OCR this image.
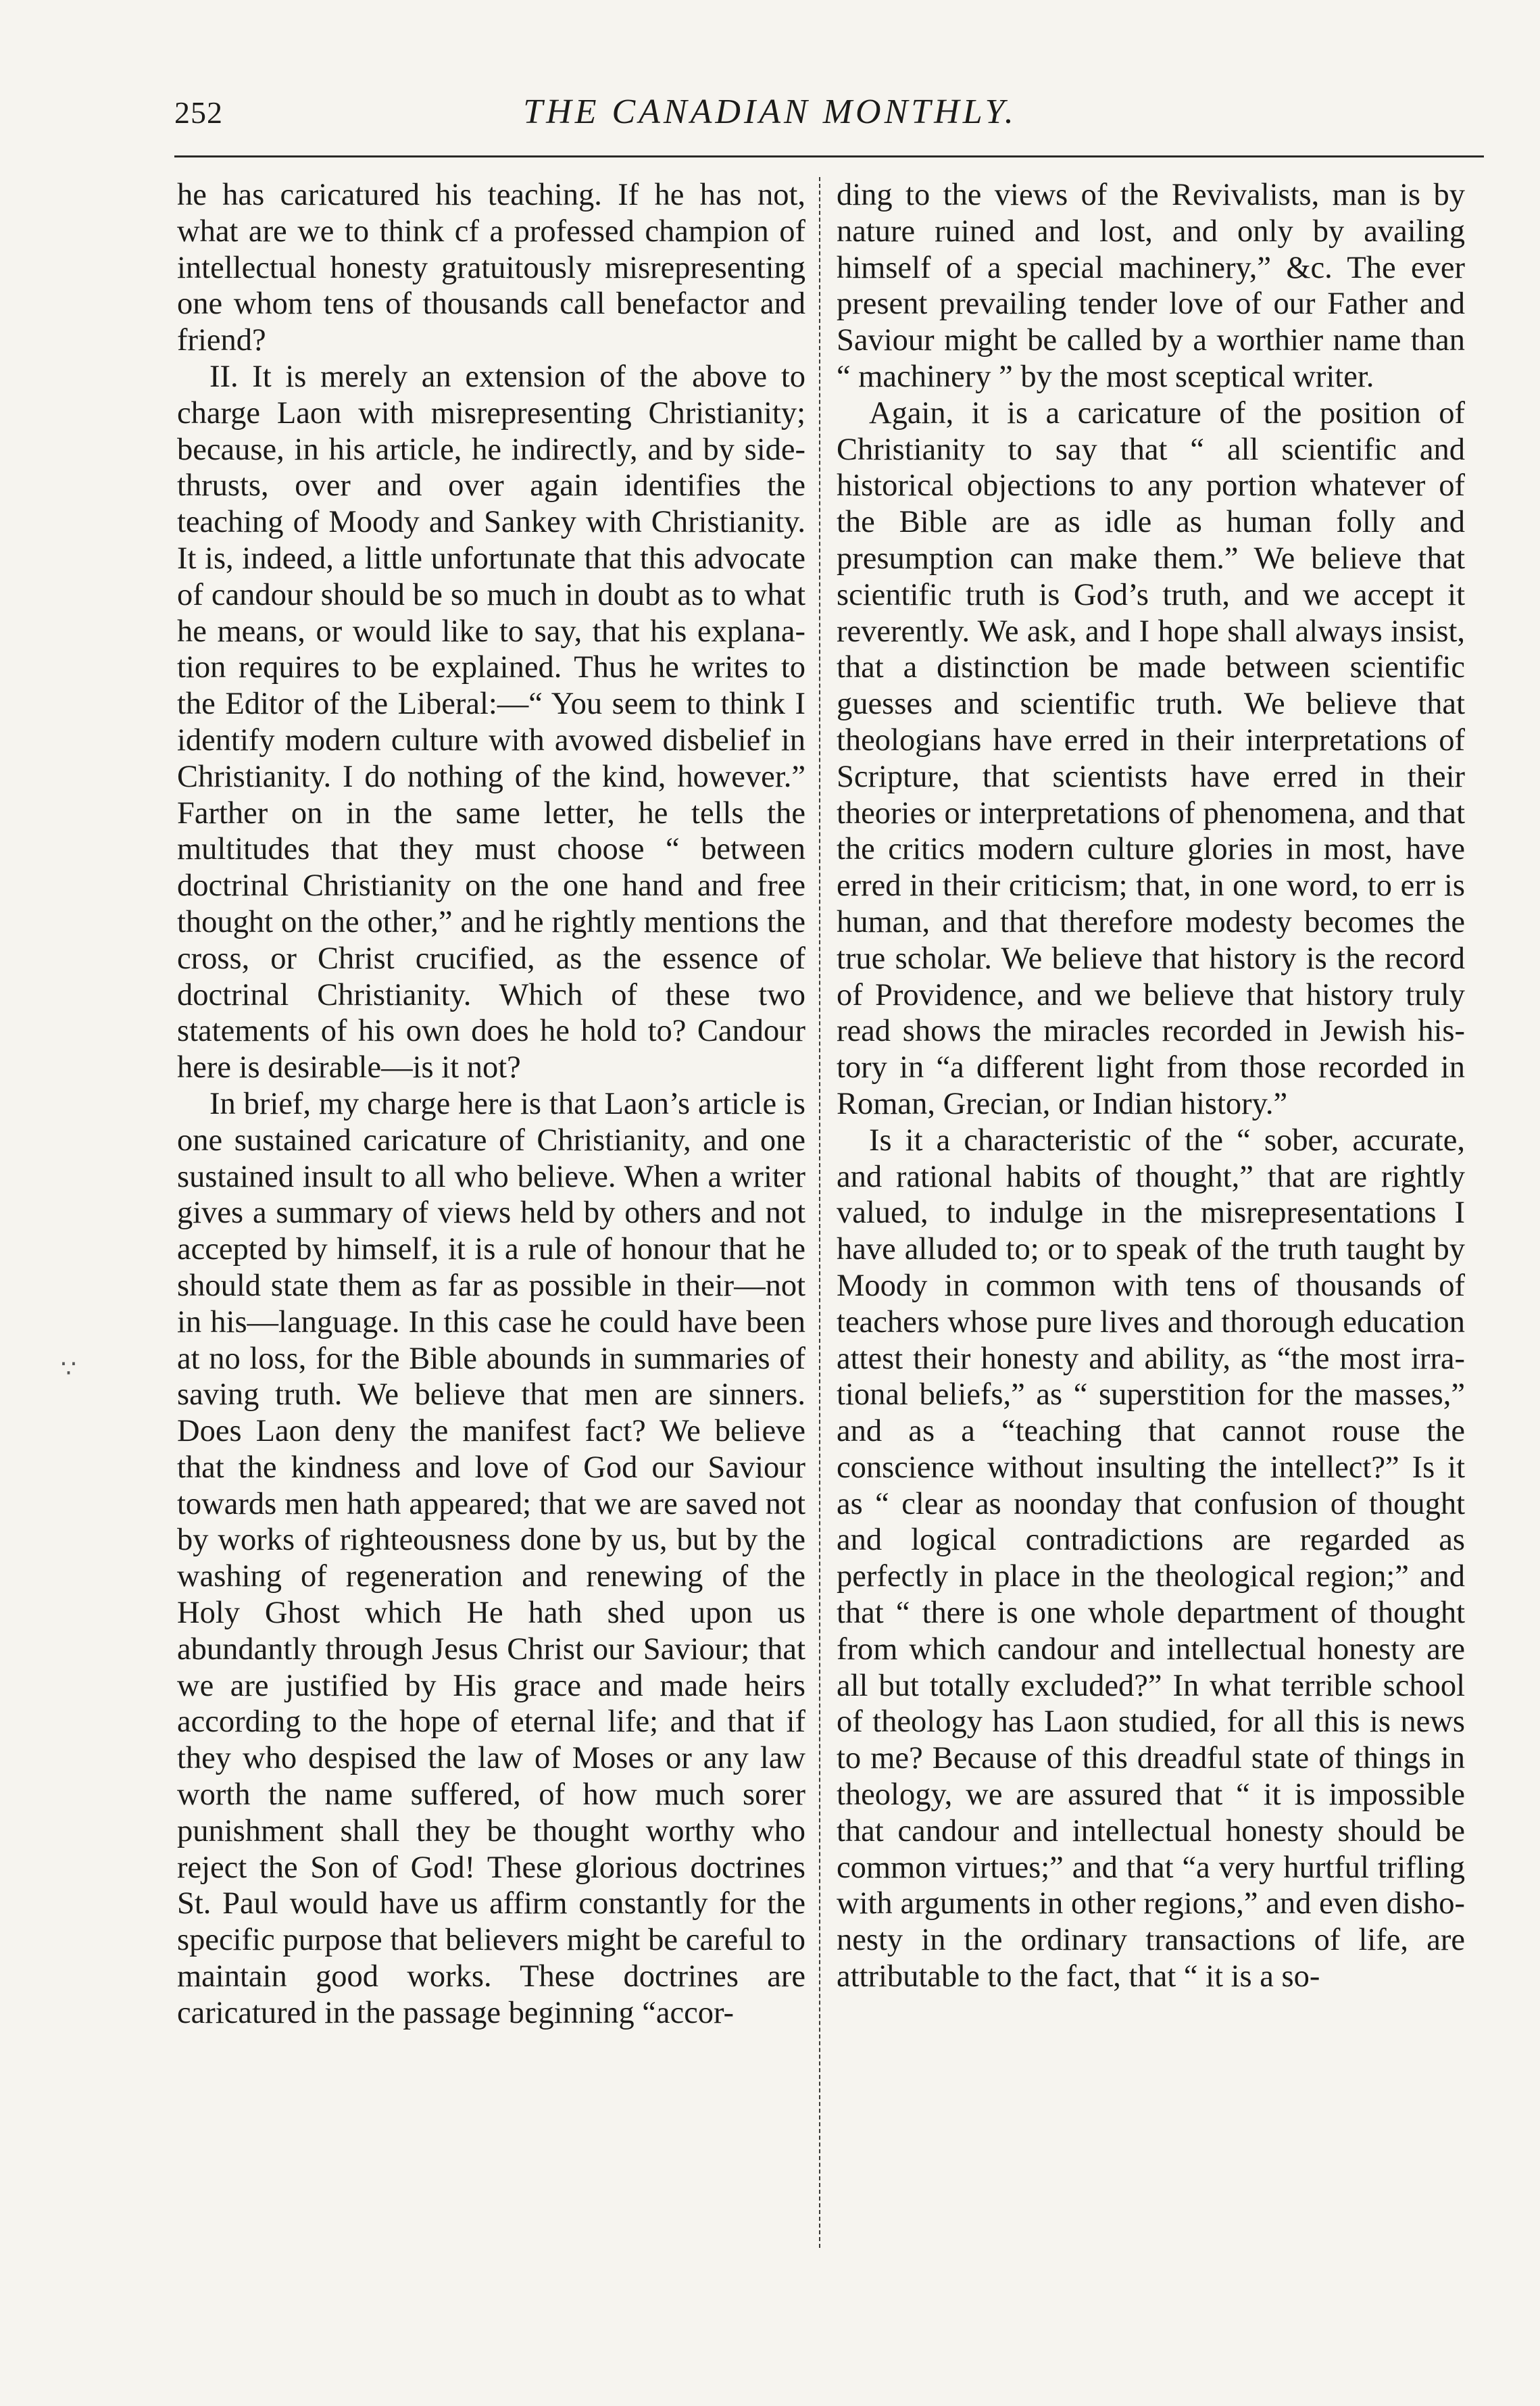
252	THE CANADIAN MONTHLY.
∵

he has caricatured his teaching. If he has not, what are we to think cf a professed champion of intellectual honesty gratuitously misrepresenting one whom tens of thousands call benefactor and friend?

II. It is merely an extension of the above to charge Laon with misrepresenting Christianity; because, in his article, he indirectly, and by side-thrusts, over and over again identifies the teaching of Moody and Sankey with Christianity. It is, indeed, a little unfortunate that this advocate of candour should be so much in doubt as to what he means, or would like to say, that his explanation requires to be explained. Thus he writes to the Editor of the Liberal:—“ You seem to think I identify modern culture with avowed disbelief in Christianity. I do nothing of the kind, however.” Farther on in the same letter, he tells the multitudes that they must choose “ between doctrinal Christianity on the one hand and free thought on the other,” and he rightly mentions the cross, or Christ crucified, as the essence of doctrinal Christianity. Which of these two statements of his own does he hold to? Candour here is desirable—is it not?

In brief, my charge here is that Laon’s article is one sustained caricature of Christianity, and one sustained insult to all who believe. When a writer gives a summary of views held by others and not accepted by himself, it is a rule of honour that he should state them as far as possible in their—not in his—language. In this case he could have been at no loss, for the Bible abounds in summaries of saving truth. We believe that men are sinners. Does Laon deny the manifest fact? We believe that the kindness and love of God our Saviour towards men hath appeared; that we are saved not by works of righteousness done by us, but by the washing of regeneration and renewing of the Holy Ghost which He hath shed upon us abundantly through Jesus Christ our Saviour; that we are justified by His grace and made heirs according to the hope of eternal life; and that if they who despised the law of Moses or any law worth the name suffered, of how much sorer punishment shall they be thought worthy who reject the Son of God! These glorious doctrines St. Paul would have us affirm constantly for the specific purpose that believers might be careful to maintain good works. These doctrines are caricatured in the passage beginning “accor-

ding to the views of the Revivalists, man is by nature ruined and lost, and only by availing himself of a special machinery,” &c. The ever present prevailing tender love of our Father and Saviour might be called by a worthier name than “ machinery ” by the most sceptical writer.

Again, it is a caricature of the position of Christianity to say that “ all scientific and historical objections to any portion whatever of the Bible are as idle as human folly and presumption can make them.” We believe that scientific truth is God’s truth, and we accept it reverently. We ask, and I hope shall always insist, that a distinction be made between scientific guesses and scientific truth. We believe that theologians have erred in their interpretations of Scripture, that scientists have erred in their theories or interpretations of phenomena, and that the critics modern culture glories in most, have erred in their criticism; that, in one word, to err is human, and that therefore modesty becomes the true scholar. We believe that history is the record of Providence, and we believe that history truly read shows the miracles recorded in Jewish history in “a different light from those recorded in Roman, Grecian, or Indian history.”

Is it a characteristic of the “ sober, accurate, and rational habits of thought,” that are rightly valued, to indulge in the misrepresentations I have alluded to; or to speak of the truth taught by Moody in common with tens of thousands of teachers whose pure lives and thorough education attest their honesty and ability, as “the most irrational beliefs,” as “ superstition for the masses,” and as a “teaching that cannot rouse the conscience without insulting the intellect?” Is it as “ clear as noonday that confusion of thought and logical contradictions are regarded as perfectly in place in the theological region;” and that “ there is one whole department of thought from which candour and intellectual honesty are all but totally excluded?” In what terrible school of theology has Laon studied, for all this is news to me? Because of this dreadful state of things in theology, we are assured that “ it is impossible that candour and intellectual honesty should be common virtues;” and that “a very hurtful trifling with arguments in other regions,” and even dishonesty in the ordinary transactions of life, are attributable to the fact, that “ it is a so-
